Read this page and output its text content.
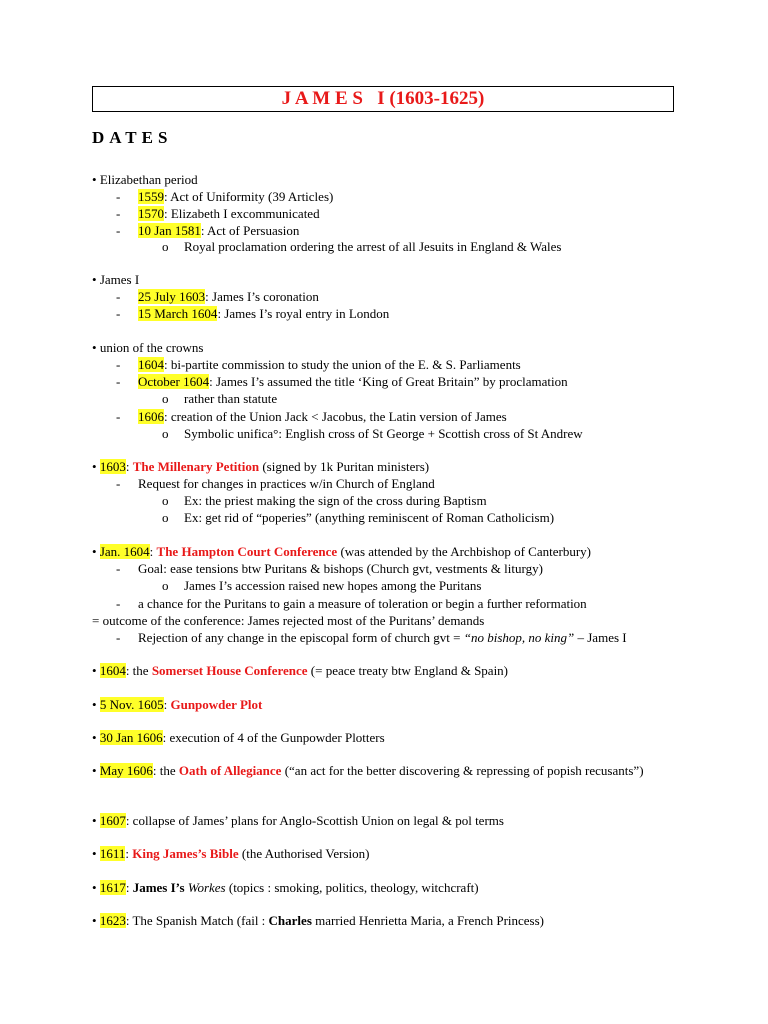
J A M E S   I (1603-1625)
DATES
• Elizabethan period
- 1559: Act of Uniformity (39 Articles)
- 1570: Elizabeth I excommunicated
- 10 Jan 1581: Act of Persuasion
o Royal proclamation ordering the arrest of all Jesuits in England & Wales
• James I
- 25 July 1603: James I’s coronation
- 15 March 1604: James I’s royal entry in London
• union of the crowns
- 1604: bi-partite commission to study the union of the E. & S. Parliaments
- October 1604: James I’s assumed the title ‘King of Great Britain” by proclamation
o rather than statute
- 1606: creation of the Union Jack < Jacobus, the Latin version of James
o Symbolic unifica°: English cross of St George + Scottish cross of St Andrew
• 1603: The Millenary Petition (signed by 1k Puritan ministers)
- Request for changes in practices w/in Church of England
o Ex: the priest making the sign of the cross during Baptism
o Ex: get rid of “poperies” (anything reminiscent of Roman Catholicism)
• Jan. 1604: The Hampton Court Conference (was attended by the Archbishop of Canterbury)
- Goal: ease tensions btw Puritans & bishops (Church gvt, vestments & liturgy)
o James I’s accession raised new hopes among the Puritans
- a chance for the Puritans to gain a measure of toleration or begin a further reformation
= outcome of the conference: James rejected most of the Puritans’ demands
- Rejection of any change in the episcopal form of church gvt = “no bishop, no king” – James I
• 1604: the Somerset House Conference (= peace treaty btw England & Spain)
• 5 Nov. 1605: Gunpowder Plot
• 30 Jan 1606: execution of 4 of the Gunpowder Plotters
• May 1606: the Oath of Allegiance (“an act for the better discovering & repressing of popish recusants”)
• 1607: collapse of James’ plans for Anglo-Scottish Union on legal & pol terms
• 1611: King James’s Bible (the Authorised Version)
• 1617: James I’s Workes (topics : smoking, politics, theology, witchcraft)
• 1623: The Spanish Match (fail : Charles married Henrietta Maria, a French Princess)
